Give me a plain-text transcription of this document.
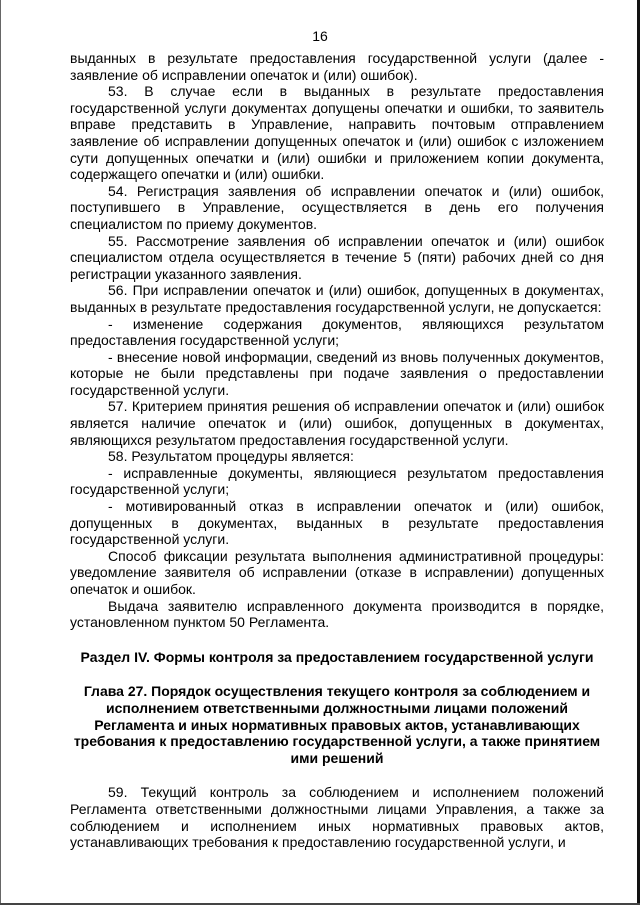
16

выданных в результате предоставления государственной услуги (далее - заявление об исправлении опечаток и (или) ошибок).

53. В случае если в выданных в результате предоставления государственной услуги документах допущены опечатки и ошибки, то заявитель вправе представить в Управление, направить почтовым отправлением заявление об исправлении допущенных опечаток и (или) ошибок с изложением сути допущенных опечатки и (или) ошибки и приложением копии документа, содержащего опечатки и (или) ошибки.

54. Регистрация заявления об исправлении опечаток и (или) ошибок, поступившего в Управление, осуществляется в день его получения специалистом по приему документов.

55. Рассмотрение заявления об исправлении опечаток и (или) ошибок специалистом отдела осуществляется в течение 5 (пяти) рабочих дней со дня регистрации указанного заявления.

56. При исправлении опечаток и (или) ошибок, допущенных в документах, выданных в результате предоставления государственной услуги, не допускается:

- изменение содержания документов, являющихся результатом предоставления государственной услуги;

- внесение новой информации, сведений из вновь полученных документов, которые не были представлены при подаче заявления о предоставлении государственной услуги.

57. Критерием принятия решения об исправлении опечаток и (или) ошибок является наличие опечаток и (или) ошибок, допущенных в документах, являющихся результатом предоставления государственной услуги.

58. Результатом процедуры является:

- исправленные документы, являющиеся результатом предоставления государственной услуги;

- мотивированный отказ в исправлении опечаток и (или) ошибок, допущенных в документах, выданных в результате предоставления государственной услуги.

Способ фиксации результата выполнения административной процедуры: уведомление заявителя об исправлении (отказе в исправлении) допущенных опечаток и ошибок.

Выдача заявителю исправленного документа производится в порядке, установленном пунктом 50 Регламента.

Раздел IV. Формы контроля за предоставлением государственной услуги

Глава 27. Порядок осуществления текущего контроля за соблюдением и исполнением ответственными должностными лицами положений Регламента и иных нормативных правовых актов, устанавливающих требования к предоставлению государственной услуги, а также принятием ими решений

59. Текущий контроль за соблюдением и исполнением положений Регламента ответственными должностными лицами Управления, а также за соблюдением и исполнением иных нормативных правовых актов, устанавливающих требования к предоставлению государственной услуги, и
